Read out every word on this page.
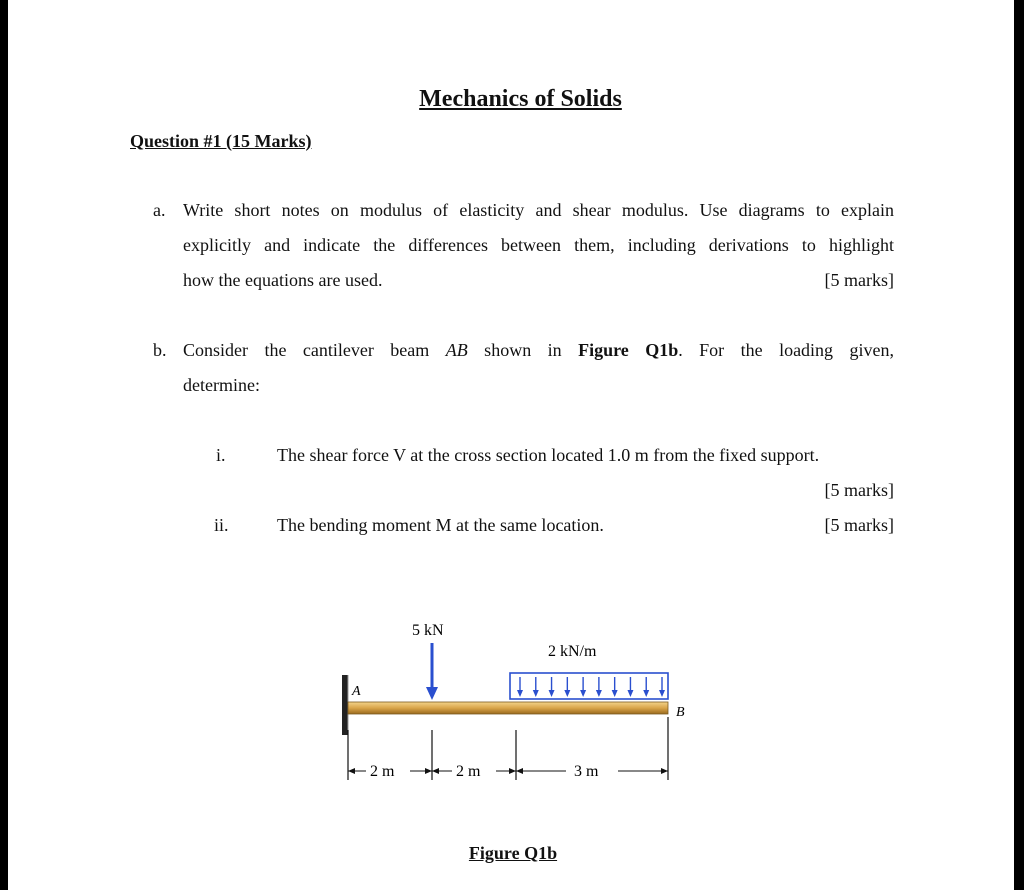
Mechanics of Solids
Question #1 (15 Marks)
a. Write short notes on modulus of elasticity and shear modulus. Use diagrams to explain
explicitly and indicate the differences between them, including derivations to highlight
how the equations are used.	[5 marks]
b. Consider the cantilever beam AB shown in Figure Q1b. For the loading given,
determine:
i.	The shear force V at the cross section located 1.0 m from the fixed support.
[5 marks]
ii.	The bending moment M at the same location.	[5 marks]
A
B
5 kN
2 kN/m
2 m	2 m	3 m
Figure Q1b
